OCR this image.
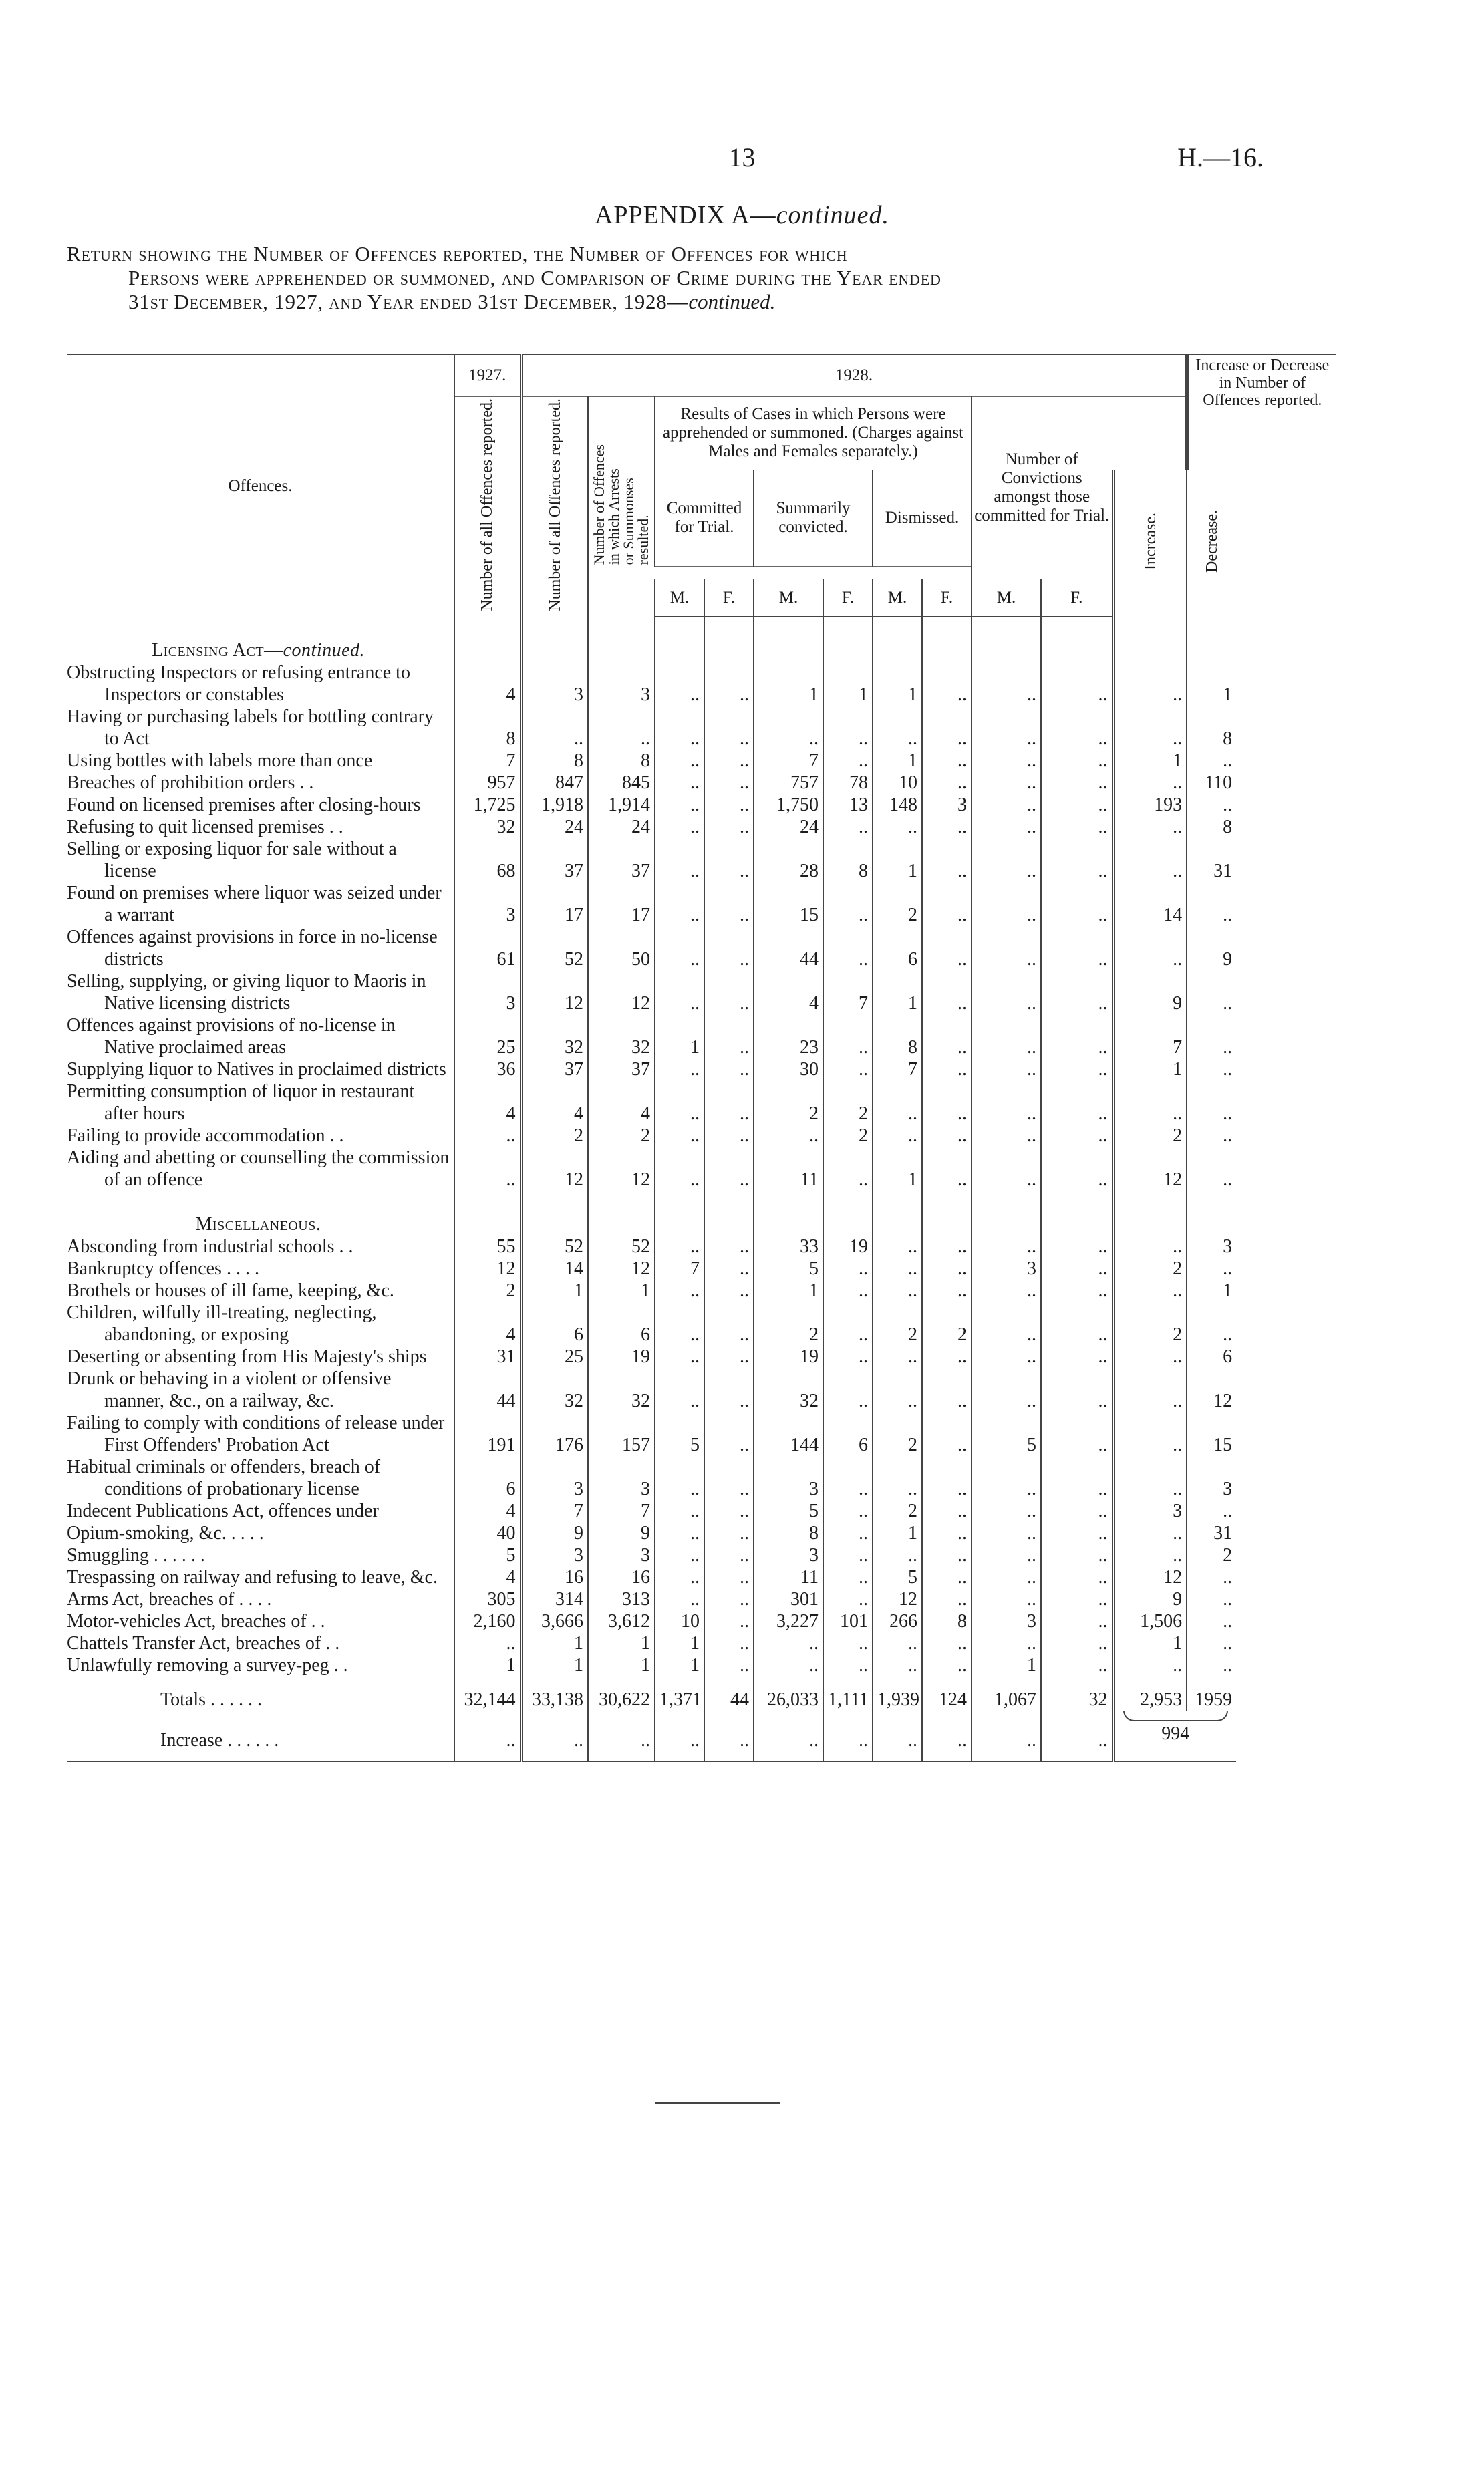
13	H.—16.
APPENDIX A—continued.

Return showing the Number of Offences reported, the Number of Offences for which

Persons were apprehended or summoned, and Comparison of Crime during the Year ended

31st December, 1927, and Year ended 31st December, 1928—continued.

Offences.	1927.	1928.											Increase or Decrease in Number of Offences reported.
	Number of all Offences reported.	Number of all Offences reported.	Number of Offences
in which Arrests
or Summonses
resulted.	Results of Cases in which Persons were apprehended or summoned. (Charges against Males and Females separately.)						Number of Convictions amongst those committed for Trial.			
				Committed for Trial.		Summarily convicted.		Dismissed.				Increase.	Decrease.

				M.	F.	M.	F.	M.	F.	M.	F.		
Licensing Act—continued.													

Obstructing Inspectors or refusing entrance to Inspectors or constables	4	3	3	..	..	1	1	1	..	..	..	..	1

Having or purchasing labels for bottling contrary to Act	8	..	..	..	..	..	..	..	..	..	..	..	8

Using bottles with labels more than once	7	8	8	..	..	7	..	1	..	..	..	1	..

Breaches of prohibition orders . .	957	847	845	..	..	757	78	10	..	..	..	..	110

Found on licensed premises after closing-hours	1,725	1,918	1,914	..	..	1,750	13	148	3	..	..	193	..

Refusing to quit licensed premises . .	32	24	24	..	..	24	..	..	..	..	..	..	8

Selling or exposing liquor for sale without a license	68	37	37	..	..	28	8	1	..	..	..	..	31

Found on premises where liquor was seized under a warrant	3	17	17	..	..	15	..	2	..	..	..	14	..

Offences against provisions in force in no-license districts	61	52	50	..	..	44	..	6	..	..	..	..	9

Selling, supplying, or giving liquor to Maoris in Native licensing districts	3	12	12	..	..	4	7	1	..	..	..	9	..

Offences against provisions of no-license in Native proclaimed areas	25	32	32	1	..	23	..	8	..	..	..	7	..

Supplying liquor to Natives in proclaimed districts	36	37	37	..	..	30	..	7	..	..	..	1	..

Permitting consumption of liquor in restaurant after hours	4	4	4	..	..	2	2	..	..	..	..	..	..

Failing to provide accommodation . .	..	2	2	..	..	..	2	..	..	..	..	2	..

Aiding and abetting or counselling the commission of an offence	..	12	12	..	..	11	..	1	..	..	..	12	..
Miscellaneous.													

Absconding from industrial schools . .	55	52	52	..	..	33	19	..	..	..	..	..	3

Bankruptcy offences . . . .	12	14	12	7	..	5	..	..	..	3	..	2	..

Brothels or houses of ill fame, keeping, &c.	2	1	1	..	..	1	..	..	..	..	..	..	1

Children, wilfully ill-treating, neglecting, abandoning, or exposing	4	6	6	..	..	2	..	2	2	..	..	2	..

Deserting or absenting from His Majesty's ships	31	25	19	..	..	19	..	..	..	..	..	..	6

Drunk or behaving in a violent or offensive manner, &c., on a railway, &c.	44	32	32	..	..	32	..	..	..	..	..	..	12

Failing to comply with conditions of release under First Offenders' Probation Act	191	176	157	5	..	144	6	2	..	5	..	..	15

Habitual criminals or offenders, breach of conditions of probationary license	6	3	3	..	..	3	..	..	..	..	..	..	3

Indecent Publications Act, offences under	4	7	7	..	..	5	..	2	..	..	..	3	..

Opium-smoking, &c. . . . .	40	9	9	..	..	8	..	1	..	..	..	..	31

Smuggling . . . . . .	5	3	3	..	..	3	..	..	..	..	..	..	2

Trespassing on railway and refusing to leave, &c.	4	16	16	..	..	11	..	5	..	..	..	12	..

Arms Act, breaches of . . . .	305	314	313	..	..	301	..	12	..	..	..	9	..

Motor-vehicles Act, breaches of . .	2,160	3,666	3,612	10	..	3,227	101	266	8	3	..	1,506	..

Chattels Transfer Act, breaches of . .	..	1	1	1	..	..	..	..	..	..	..	1	..

Unlawfully removing a survey-peg . .	1	1	1	1	..	..	..	..	..	1	..	..	..
Totals . . . . . .	32,144	33,138	30,622	1,371	44	26,033	1,111	1,939	124	1,067	32	2,953	1959
Increase . . . . . .	..	..	..	..	..	..	..	..	..	..	..	994	
